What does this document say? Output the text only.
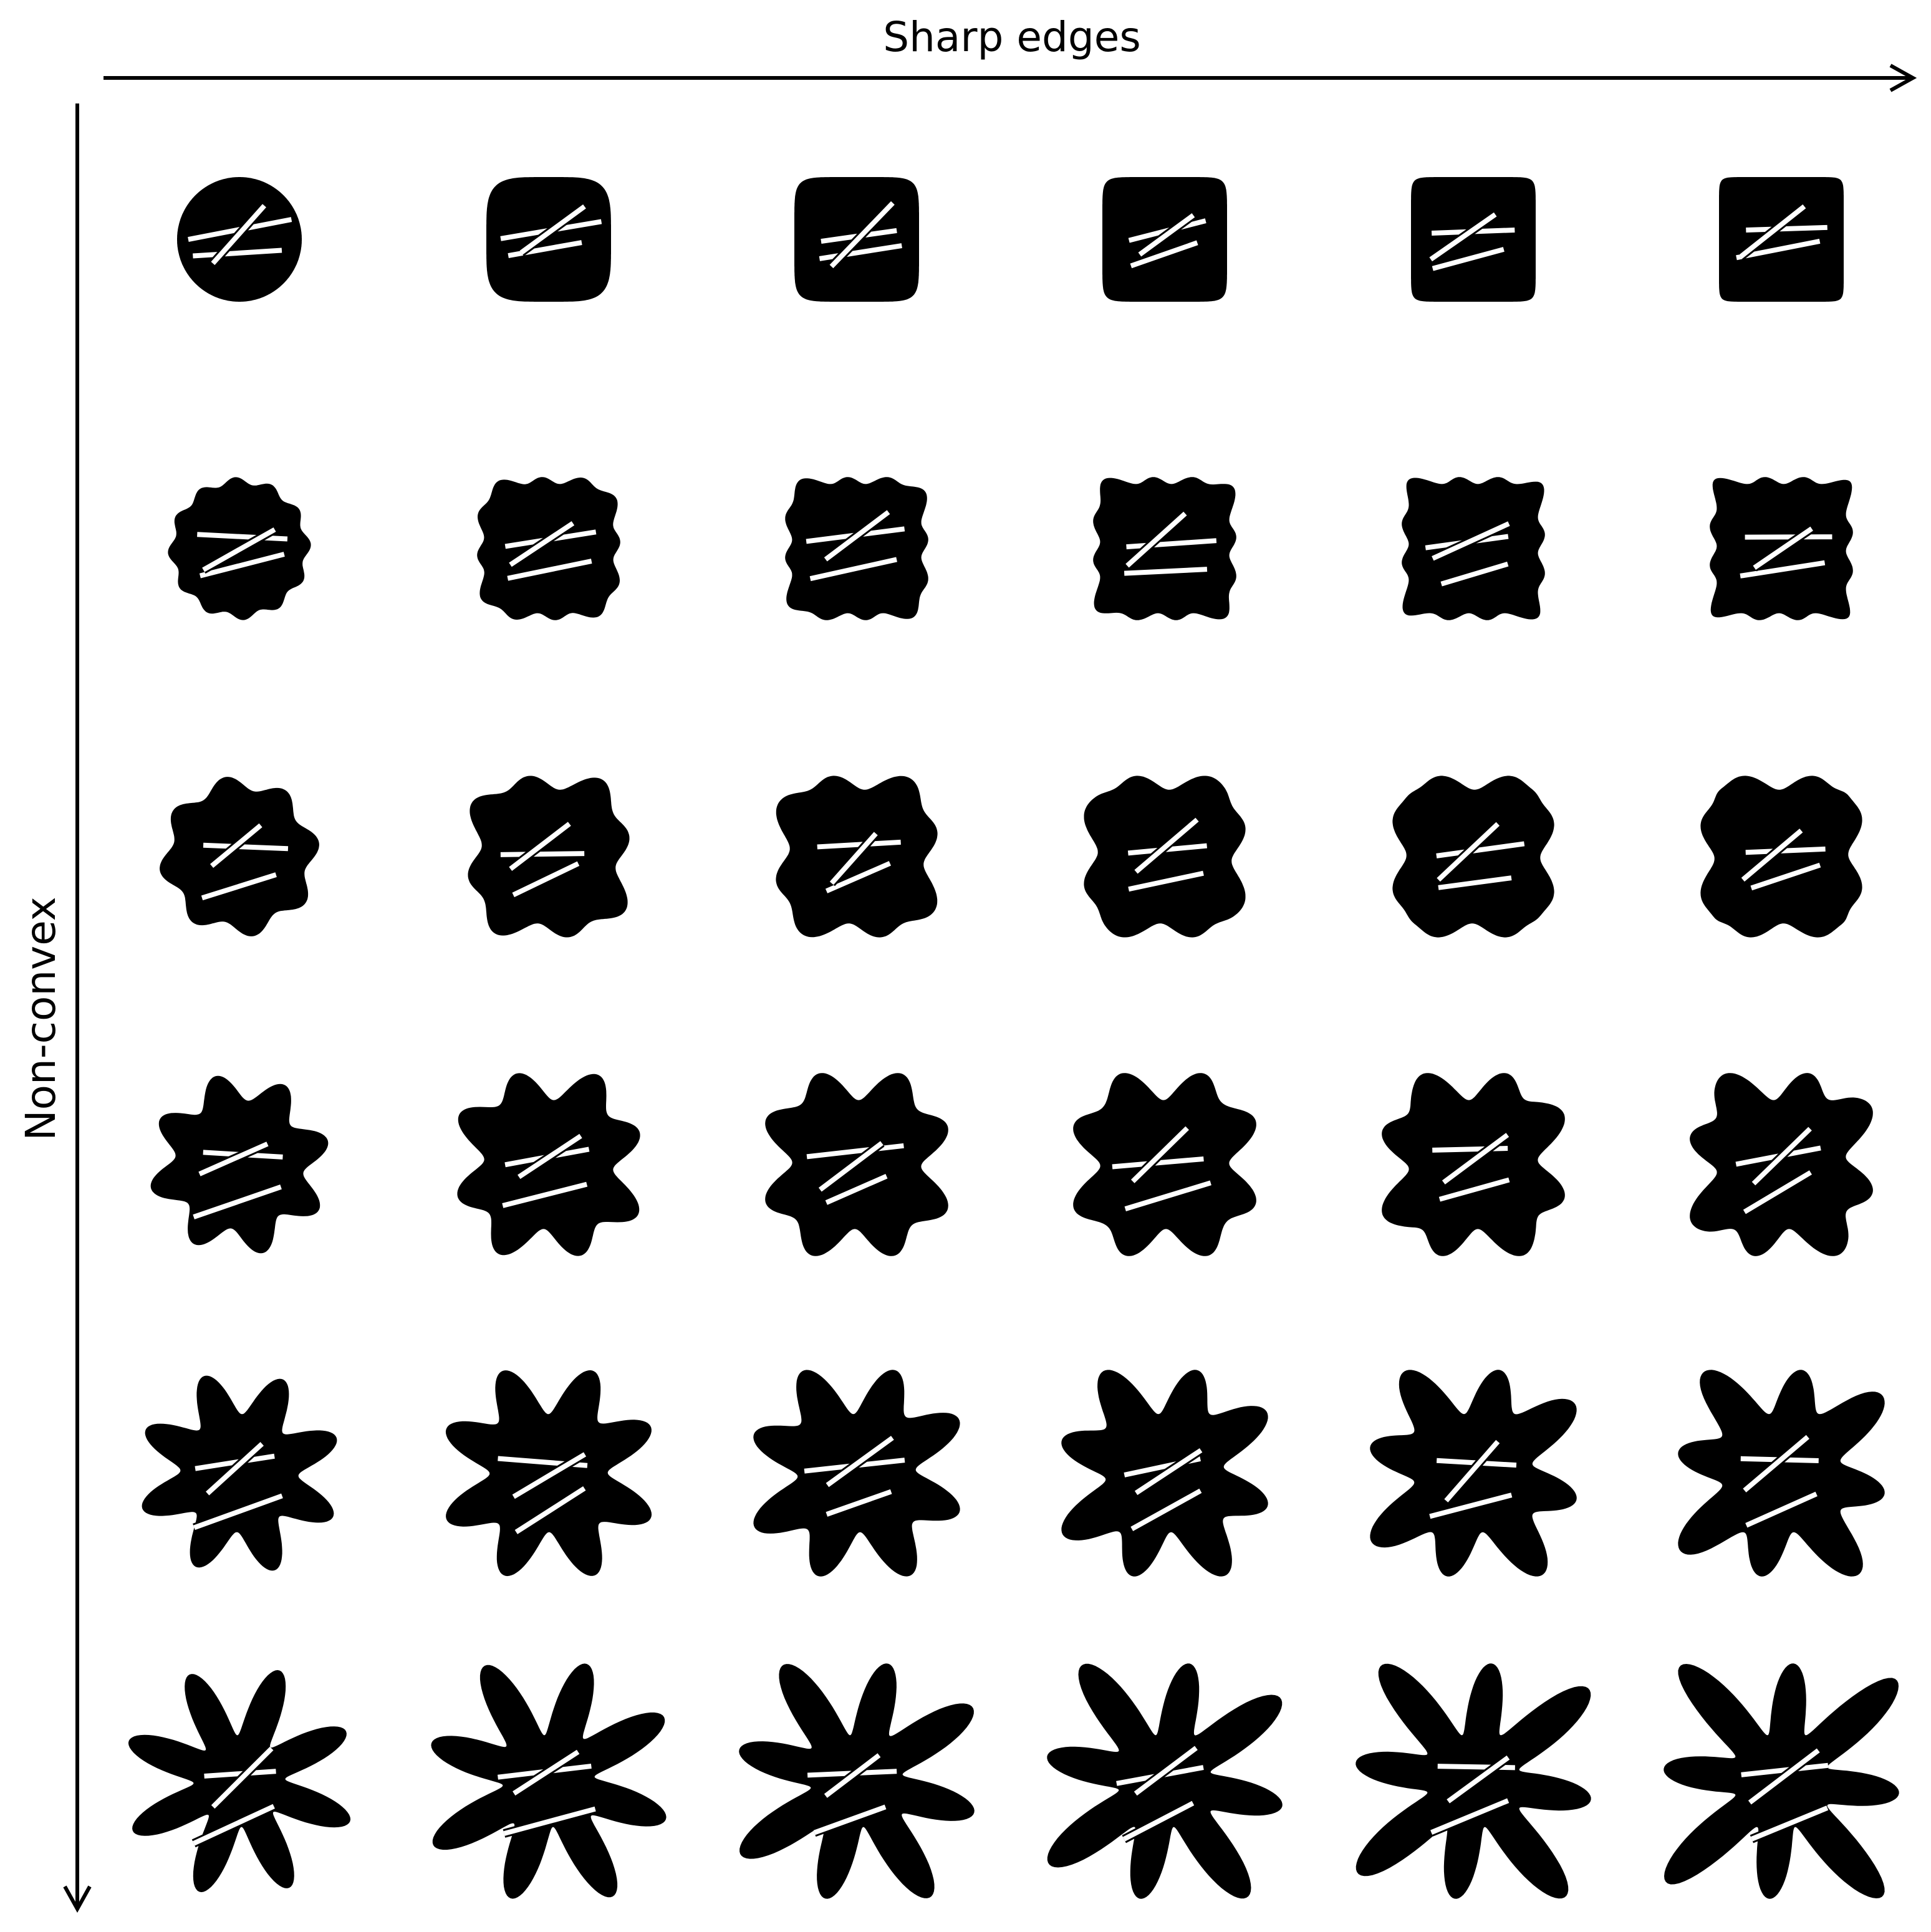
Sharp edges
Non-convex
